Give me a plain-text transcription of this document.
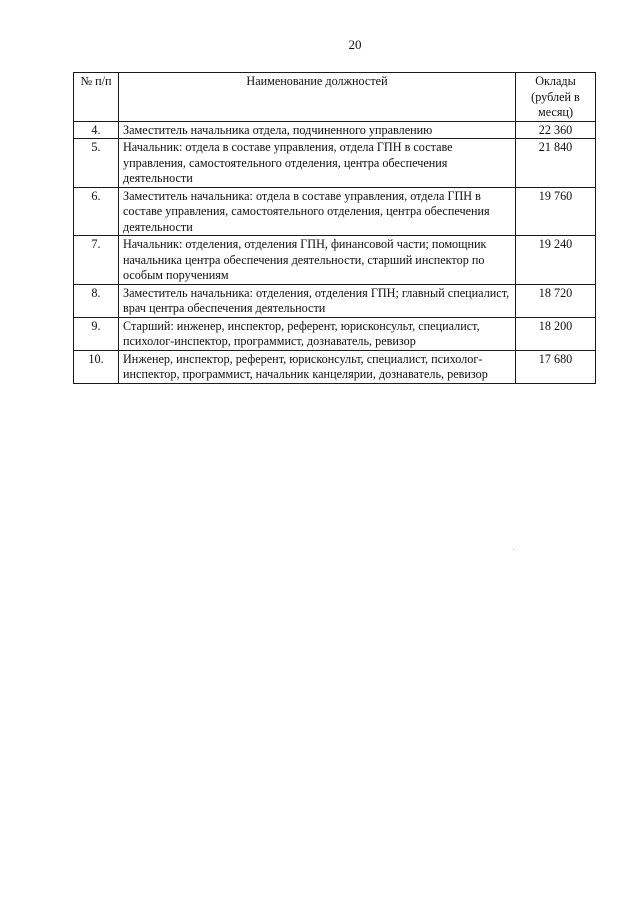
20
№ п/п	Наименование должностей	Оклады (рублей в месяц)
4.	Заместитель начальника отдела, подчиненного управлению	22 360
5.	Начальник: отдела в составе управления, отдела ГПН в составе управления, самостоятельного отделения, центра обеспечения деятельности	21 840
6.	Заместитель начальника: отдела в составе управления, отдела ГПН в составе управления, самостоятельного отделения, центра обеспечения деятельности	19 760
7.	Начальник: отделения, отделения ГПН, финансовой части; помощник начальника центра обеспечения деятельности, старший инспектор по особым поручениям	19 240
8.	Заместитель начальника: отделения, отделения ГПН; главный специалист, врач центра обеспечения деятельности	18 720
9.	Старший: инженер, инспектор, референт, юрисконсульт, специалист, психолог-инспектор, программист, дознаватель, ревизор	18 200
10.	Инженер, инспектор, референт, юрисконсульт, специалист, психолог-инспектор, программист, начальник канцелярии, дознаватель, ревизор	17 680
